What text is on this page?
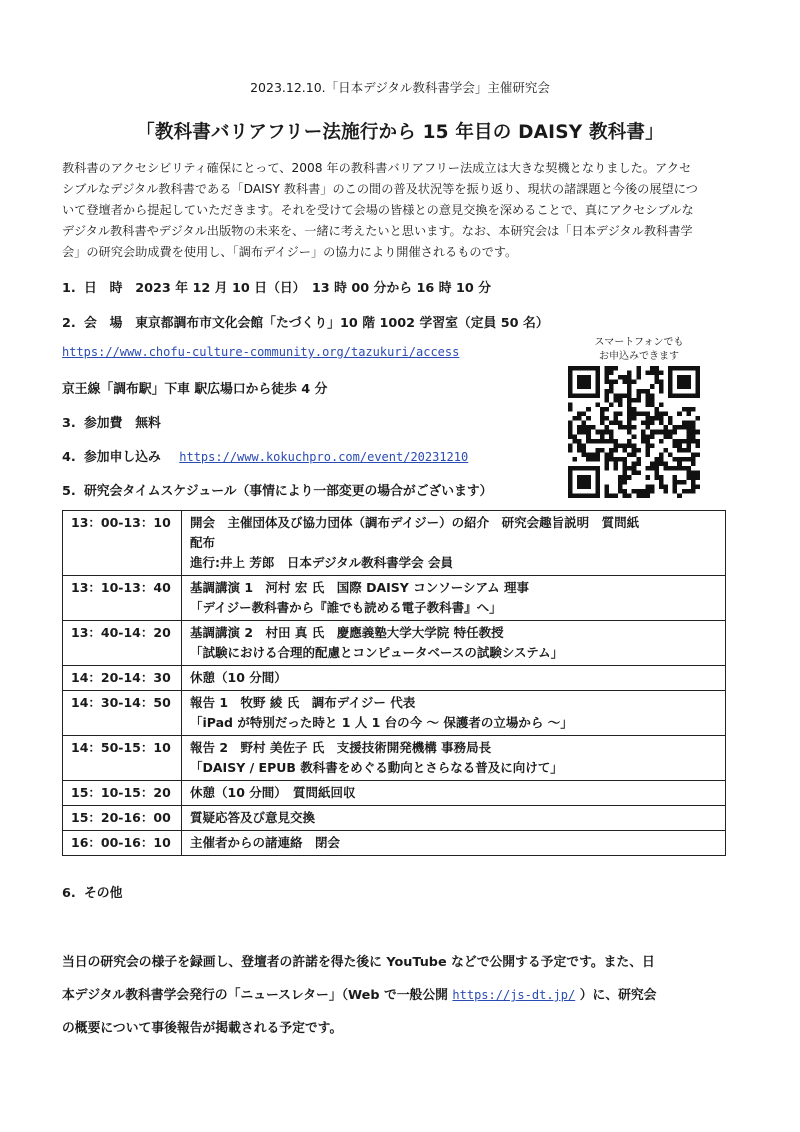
2023.12.10.「日本デジタル教科書学会」主催研究会
「教科書バリアフリー法施行から 15 年目の DAISY 教科書」
教科書のアクセシビリティ確保にとって、2008 年の教科書バリアフリー法成立は大きな契機となりました。アクセ
シブルなデジタル教科書である「DAISY 教科書」のこの間の普及状況等を振り返り、現状の諸課題と今後の展望につ
いて登壇者から提起していただきます。それを受けて会場の皆様との意見交換を深めることで、真にアクセシブルな
デジタル教科書やデジタル出版物の未来を、一緒に考えたいと思います。なお、本研究会は「日本デジタル教科書学
会」の研究会助成費を使用し、「調布デイジー」の協力により開催されるものです。
1. 日　時　2023 年 12 月 10 日（日）　13 時 00 分から 16 時 10 分
2. 会　場　東京都調布市文化会館「たづくり」10 階 1002 学習室（定員 50 名）
https://www.chofu-culture-community.org/tazukuri/access
京王線「調布駅」下車 駅広場口から徒歩 4 分
3. 参加費　無料
4. 参加申し込み https://www.kokuchpro.com/event/20231210
5. 研究会タイムスケジュール（事情により一部変更の場合がございます）
スマートフォンでも
お申込みできます
13：00-13：10	開会　主催団体及び協力団体（調布デイジー）の紹介　研究会趣旨説明　質問紙
配布
進行:井上 芳郎　日本デジタル教科書学会 会員

13：10-13：40	基調講演 1　河村 宏 氏　国際 DAISY コンソーシアム 理事
「デイジー教科書から『誰でも読める電子教科書』へ」

13：40-14：20	基調講演 2　村田 真 氏　慶應義塾大学大学院 特任教授
「試験における合理的配慮とコンピュータベースの試験システム」

14：20-14：30	休憩（10 分間）

14：30-14：50	報告 1　牧野 綾 氏　調布デイジー 代表
「iPad が特別だった時と 1 人 1 台の今 ～ 保護者の立場から ～」

14：50-15：10	報告 2　野村 美佐子 氏　支援技術開発機構 事務局長
「DAISY / EPUB 教科書をめぐる動向とさらなる普及に向けて」

15：10-15：20	休憩（10 分間）　質問紙回収

15：20-16：00	質疑応答及び意見交換

16：00-16：10	主催者からの諸連絡　閉会
6. その他
当日の研究会の様子を録画し、登壇者の許諾を得た後に YouTube などで公開する予定です。また、日
本デジタル教科書学会発行の「ニュースレター」（Web で一般公開 https://js-dt.jp/ ）に、研究会
の概要について事後報告が掲載される予定です。
